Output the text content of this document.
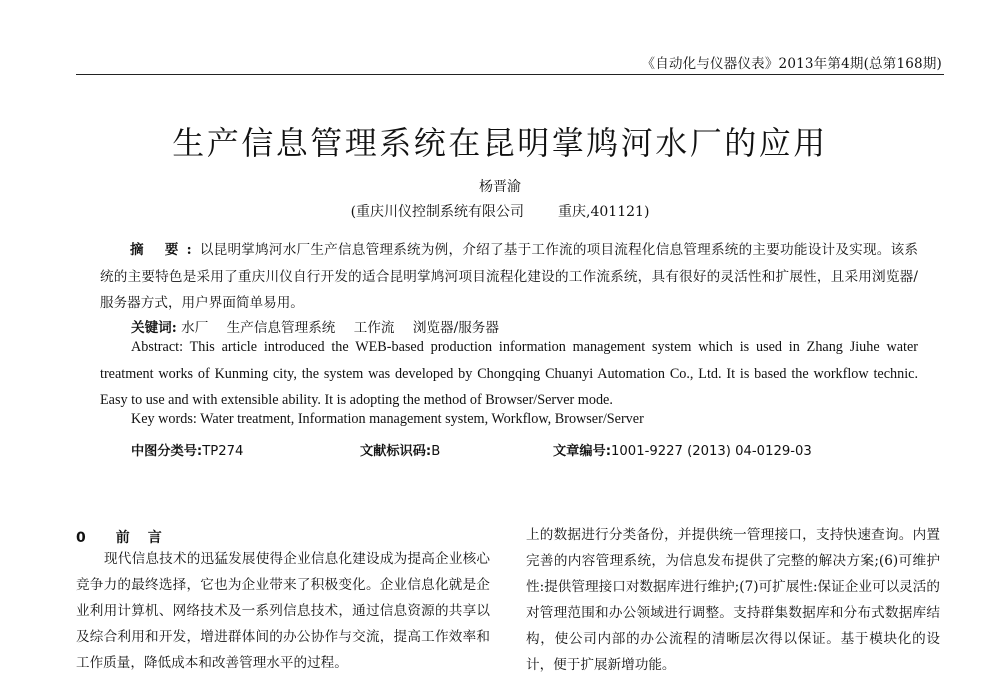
《自动化与仪器仪表》2013年第4期(总第168期)
生产信息管理系统在昆明掌鸠河水厂的应用
杨晋渝
(重庆川仪控制系统有限公司 重庆,401121)
摘 要:以昆明掌鸠河水厂生产信息管理系统为例，介绍了基于工作流的项目流程化信息管理系统的主要功能设计及实现。该系统的主要特色是采用了重庆川仪自行开发的适合昆明掌鸠河项目流程化建设的工作流系统，具有很好的灵活性和扩展性，且采用浏览器/服务器方式，用户界面简单易用。
关键词: 水厂 生产信息管理系统 工作流 浏览器/服务器
Abstract: This article introduced the WEB-based production information management system which is used in Zhang Jiuhe water treatment works of Kunming city, the system was developed by Chongqing Chuanyi Automation Co., Ltd. It is based the workflow technic. Easy to use and with extensible ability. It is adopting the method of Browser/Server mode.
Key words: Water treatment, Information management system, Workflow, Browser/Server
中图分类号:TP274	文献标识码:B	文章编号:1001-9227 (2013) 04-0129-03
0 前言
现代信息技术的迅猛发展使得企业信息化建设成为提高企业核心竞争力的最终选择，它也为企业带来了积极变化。企业信息化就是企业利用计算机、网络技术及一系列信息技术，通过信息资源的共享以及综合利用和开发，增进群体间的办公协作与交流，提高工作效率和工作质量，降低成本和改善管理水平的过程。
上的数据进行分类备份，并提供统一管理接口，支持快速查询。内置完善的内容管理系统，为信息发布提供了完整的解决方案;(6)可维护性:提供管理接口对数据库进行维护;(7)可扩展性:保证企业可以灵活的对管理范围和办公领域进行调整。支持群集数据库和分布式数据库结构，使公司内部的办公流程的清晰层次得以保证。基于模块化的设计，便于扩展新增功能。
